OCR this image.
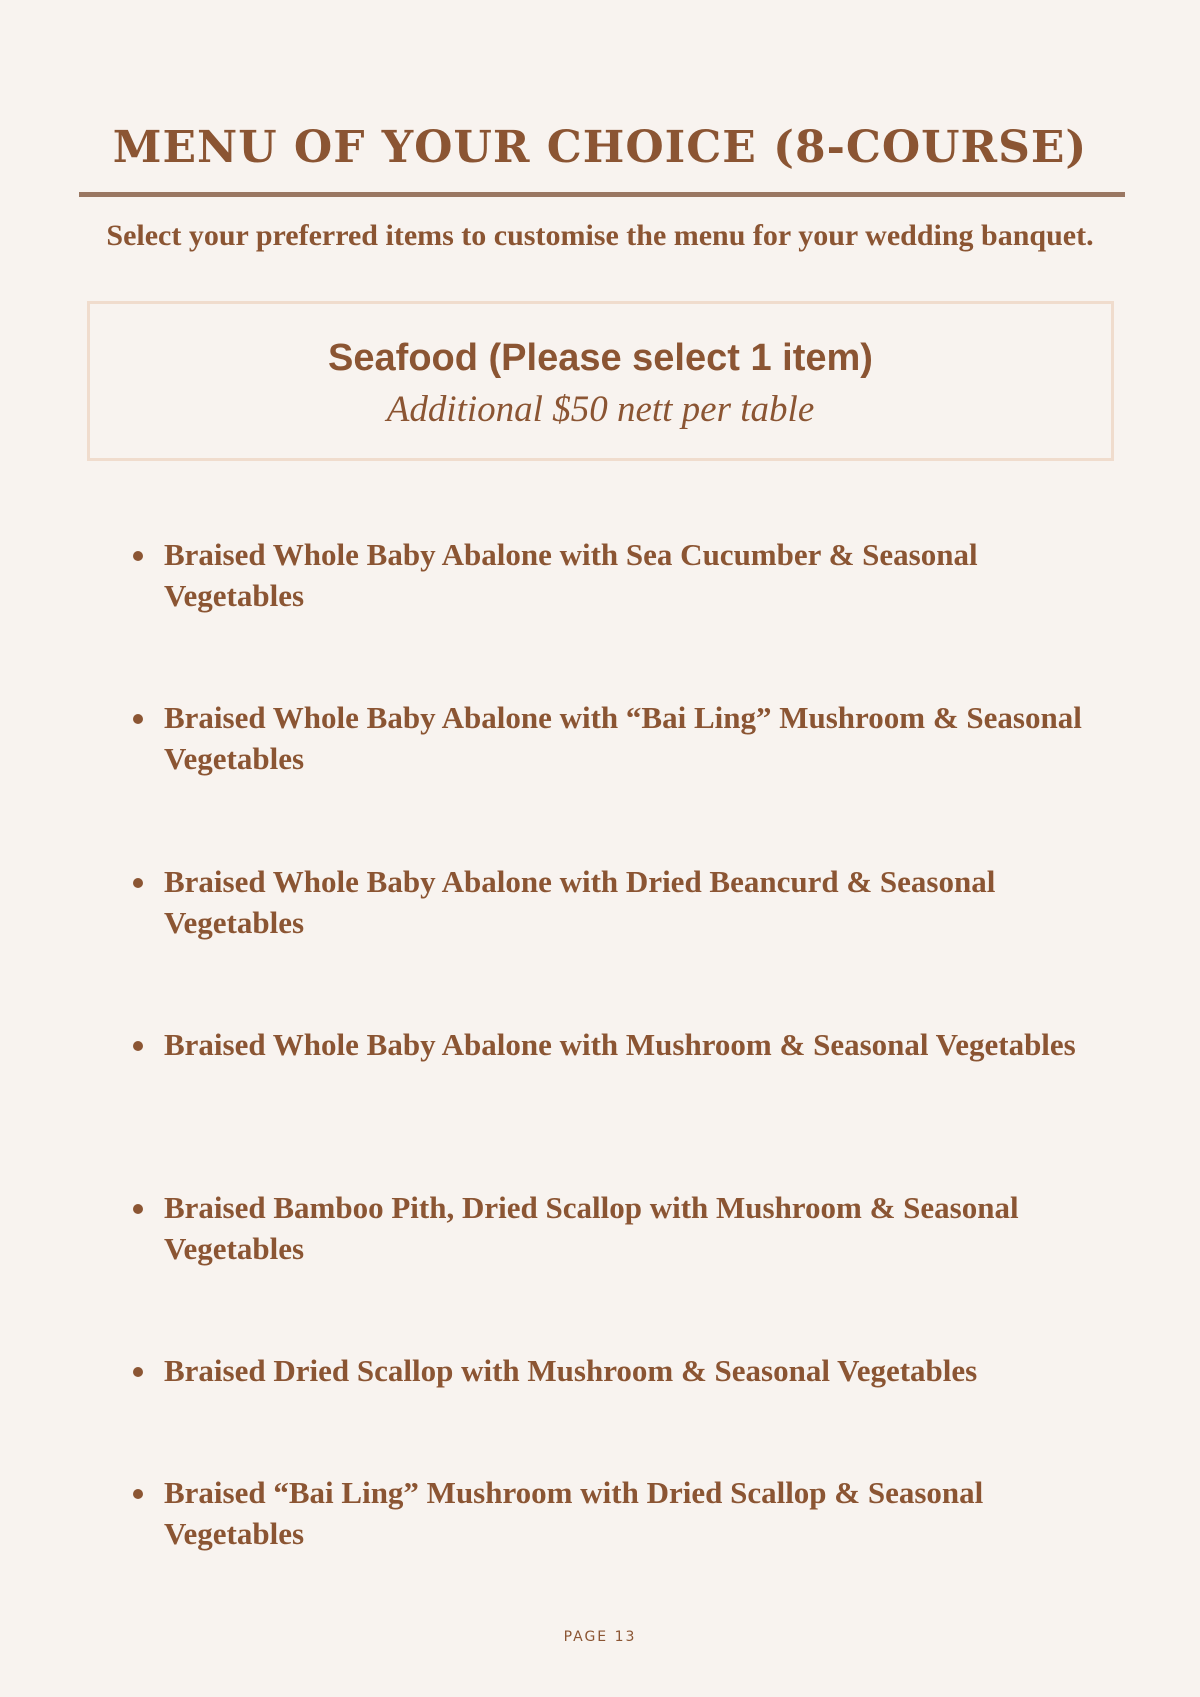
MENU OF YOUR CHOICE (8-COURSE)

Select your preferred items to customise the menu for your wedding banquet.

Seafood (Please select 1 item)

Additional $50 nett per table

Braised Whole Baby Abalone with Sea Cucumber & Seasonal Vegetables
Braised Whole Baby Abalone with “Bai Ling” Mushroom & Seasonal Vegetables
Braised Whole Baby Abalone with Dried Beancurd & Seasonal Vegetables
Braised Whole Baby Abalone with Mushroom & Seasonal Vegetables
Braised Bamboo Pith, Dried Scallop with Mushroom & Seasonal Vegetables
Braised Dried Scallop with Mushroom & Seasonal Vegetables
Braised “Bai Ling” Mushroom with Dried Scallop & Seasonal Vegetables

PAGE 13
